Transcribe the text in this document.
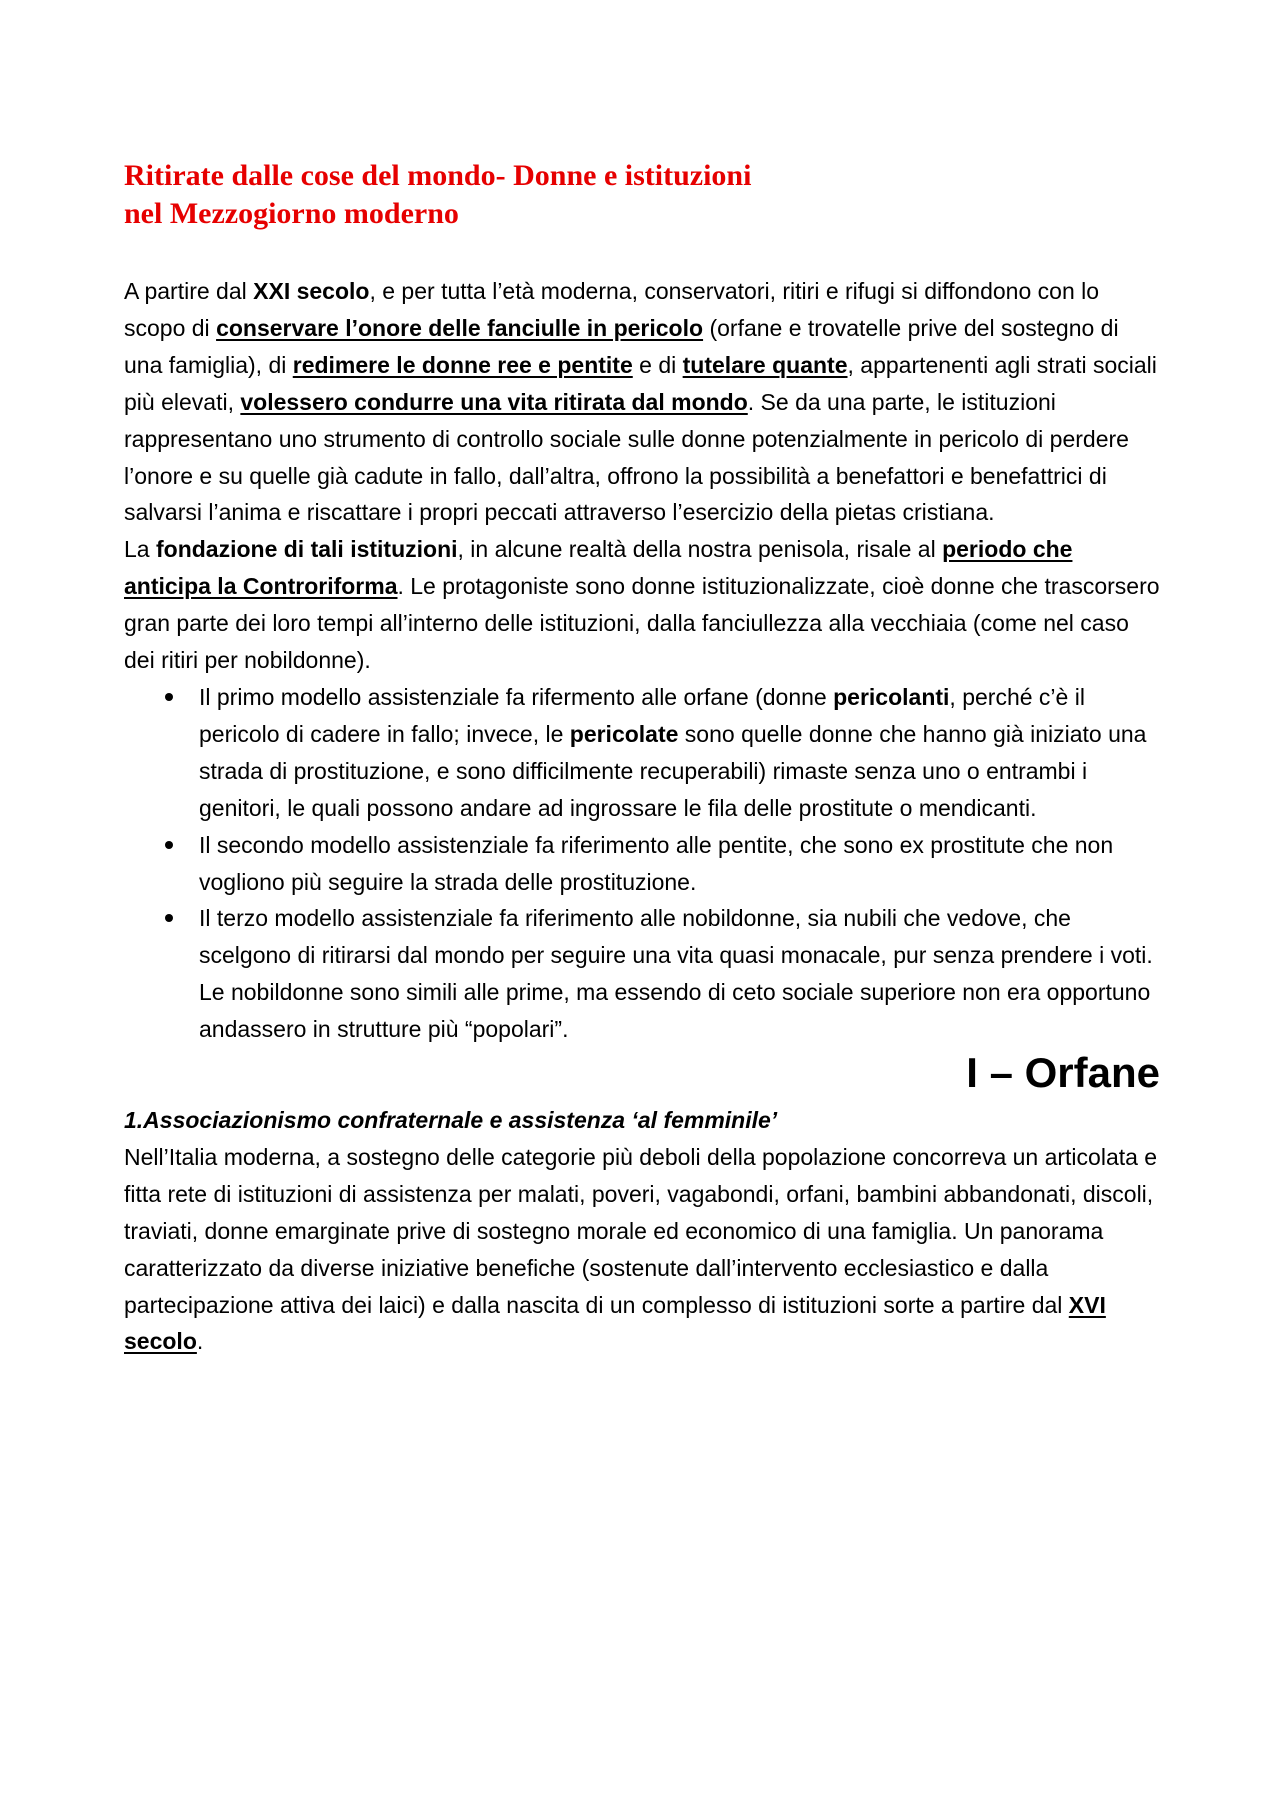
Ritirate dalle cose del mondo- Donne e istituzioni
nel Mezzogiorno moderno

A partire dal XXI secolo, e per tutta l’età moderna, conservatori, ritiri e rifugi si diffondono con lo scopo di conservare l’onore delle fanciulle in pericolo (orfane e trovatelle prive del sostegno di una famiglia), di redimere le donne ree e pentite e di tutelare quante, appartenenti agli strati sociali più elevati, volessero condurre una vita ritirata dal mondo. Se da una parte, le istituzioni rappresentano uno strumento di controllo sociale sulle donne potenzialmente in pericolo di perdere l’onore e su quelle già cadute in fallo, dall’altra, offrono la possibilità a benefattori e benefattrici di salvarsi l’anima e riscattare i propri peccati attraverso l’esercizio della pietas cristiana.

La fondazione di tali istituzioni, in alcune realtà della nostra penisola, risale al periodo che anticipa la Controriforma. Le protagoniste sono donne istituzionalizzate, cioè donne che trascorsero gran parte dei loro tempi all’interno delle istituzioni, dalla fanciullezza alla vecchiaia (come nel caso dei ritiri per nobildonne).

Il primo modello assistenziale fa rifermento alle orfane (donne pericolanti, perché c’è il pericolo di cadere in fallo; invece, le pericolate sono quelle donne che hanno già iniziato una strada di prostituzione, e sono difficilmente recuperabili) rimaste senza uno o entrambi i genitori, le quali possono andare ad ingrossare le fila delle prostitute o mendicanti.
Il secondo modello assistenziale fa riferimento alle pentite, che sono ex prostitute che non vogliono più seguire la strada delle prostituzione.
Il terzo modello assistenziale fa riferimento alle nobildonne, sia nubili che vedove, che scelgono di ritirarsi dal mondo per seguire una vita quasi monacale, pur senza prendere i voti. Le nobildonne sono simili alle prime, ma essendo di ceto sociale superiore non era opportuno andassero in strutture più “popolari”.
I – Orfane
1.Associazionismo confraternale e assistenza ‘al femminile’

Nell’Italia moderna, a sostegno delle categorie più deboli della popolazione concorreva un articolata e fitta rete di istituzioni di assistenza per malati, poveri, vagabondi, orfani, bambini abbandonati, discoli, traviati, donne emarginate prive di sostegno morale ed economico di una famiglia. Un panorama caratterizzato da diverse iniziative benefiche (sostenute dall’intervento ecclesiastico e dalla partecipazione attiva dei laici) e dalla nascita di un complesso di istituzioni sorte a partire dal XVI secolo.
